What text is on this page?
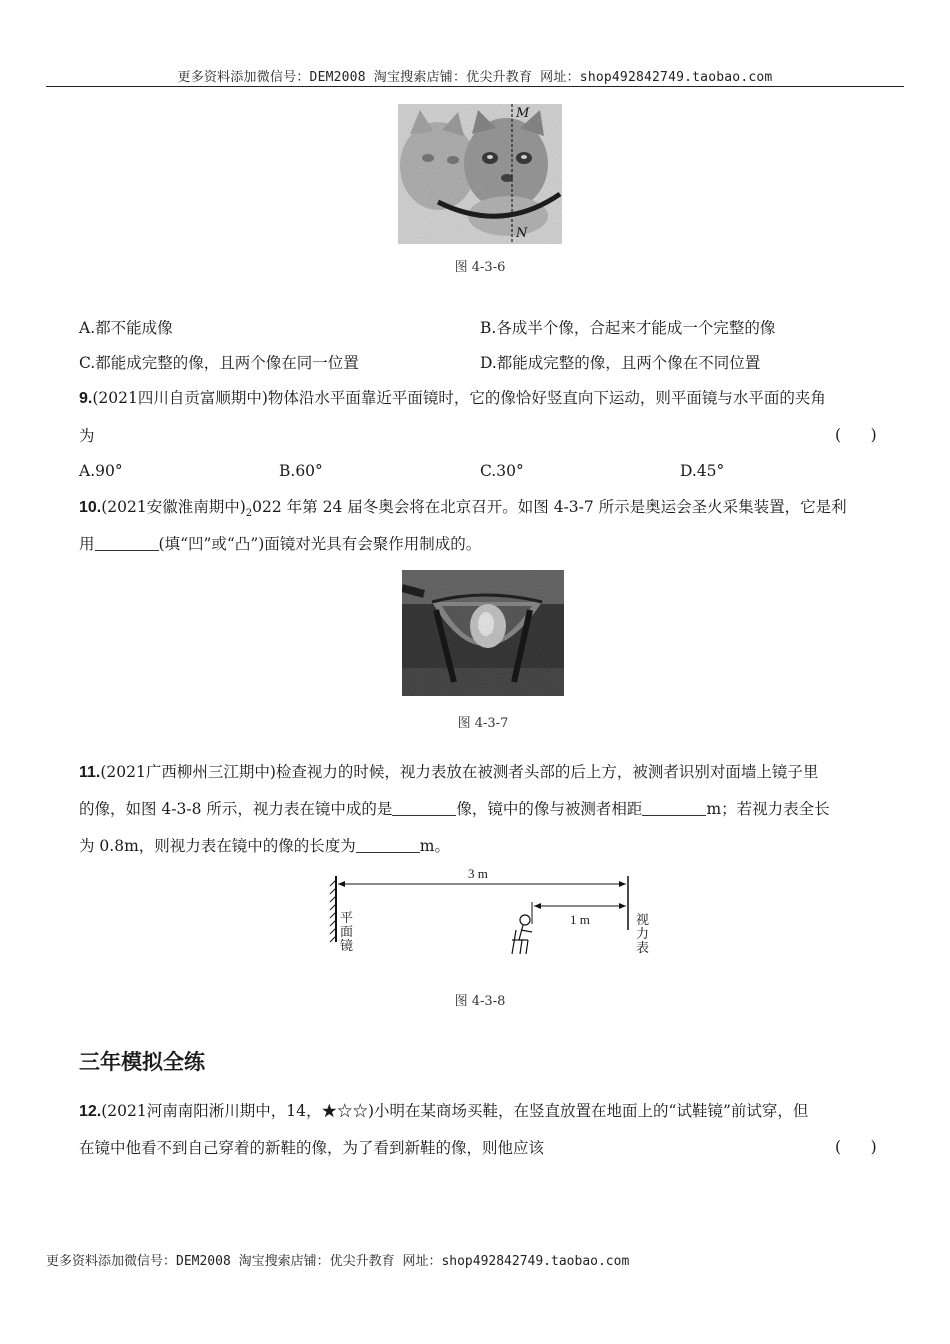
更多资料添加微信号：DEM2008 淘宝搜索店铺：优尖升教育 网址：shop492842749.taobao.com
M
N
图 4-3-6
A.都不能成像	B.各成半个像，合起来才能成一个完整的像
C.都能成完整的像，且两个像在同一位置	D.都能成完整的像，且两个像在不同位置
9.(2021四川自贡富顺期中)物体沿水平面靠近平面镜时，它的像恰好竖直向下运动，则平面镜与水平面的夹角
为	(      )
A.90°	B.60°	C.30°	D.45°
10.(2021安徽淮南期中)$_2022$ 年第 24 届冬奥会将在北京召开。如图 4-3-7 所示是奥运会圣火采集装置，它是利
用	(填“凹”或“凸”)面镜对光具有会聚作用制成的。
图 4-3-7
11.(2021广西柳州三江期中)检查视力的时候，视力表放在被测者头部的后上方，被测者识别对面墙上镜子里
的像，如图 4-3-8 所示，视力表在镜中成的是	像，镜中的像与被测者相距	m；若视力表全长
为 0.8m，则视力表在镜中的像的长度为	m。
3 m
1 m
平
面
镜
视
力
表
图 4-3-8
三年模拟全练
12.(2021河南南阳淅川期中，14，★☆☆)小明在某商场买鞋，在竖直放置在地面上的“试鞋镜”前试穿，但
在镜中他看不到自己穿着的新鞋的像，为了看到新鞋的像，则他应该	(      )
更多资料添加微信号：DEM2008 淘宝搜索店铺：优尖升教育 网址：shop492842749.taobao.com
